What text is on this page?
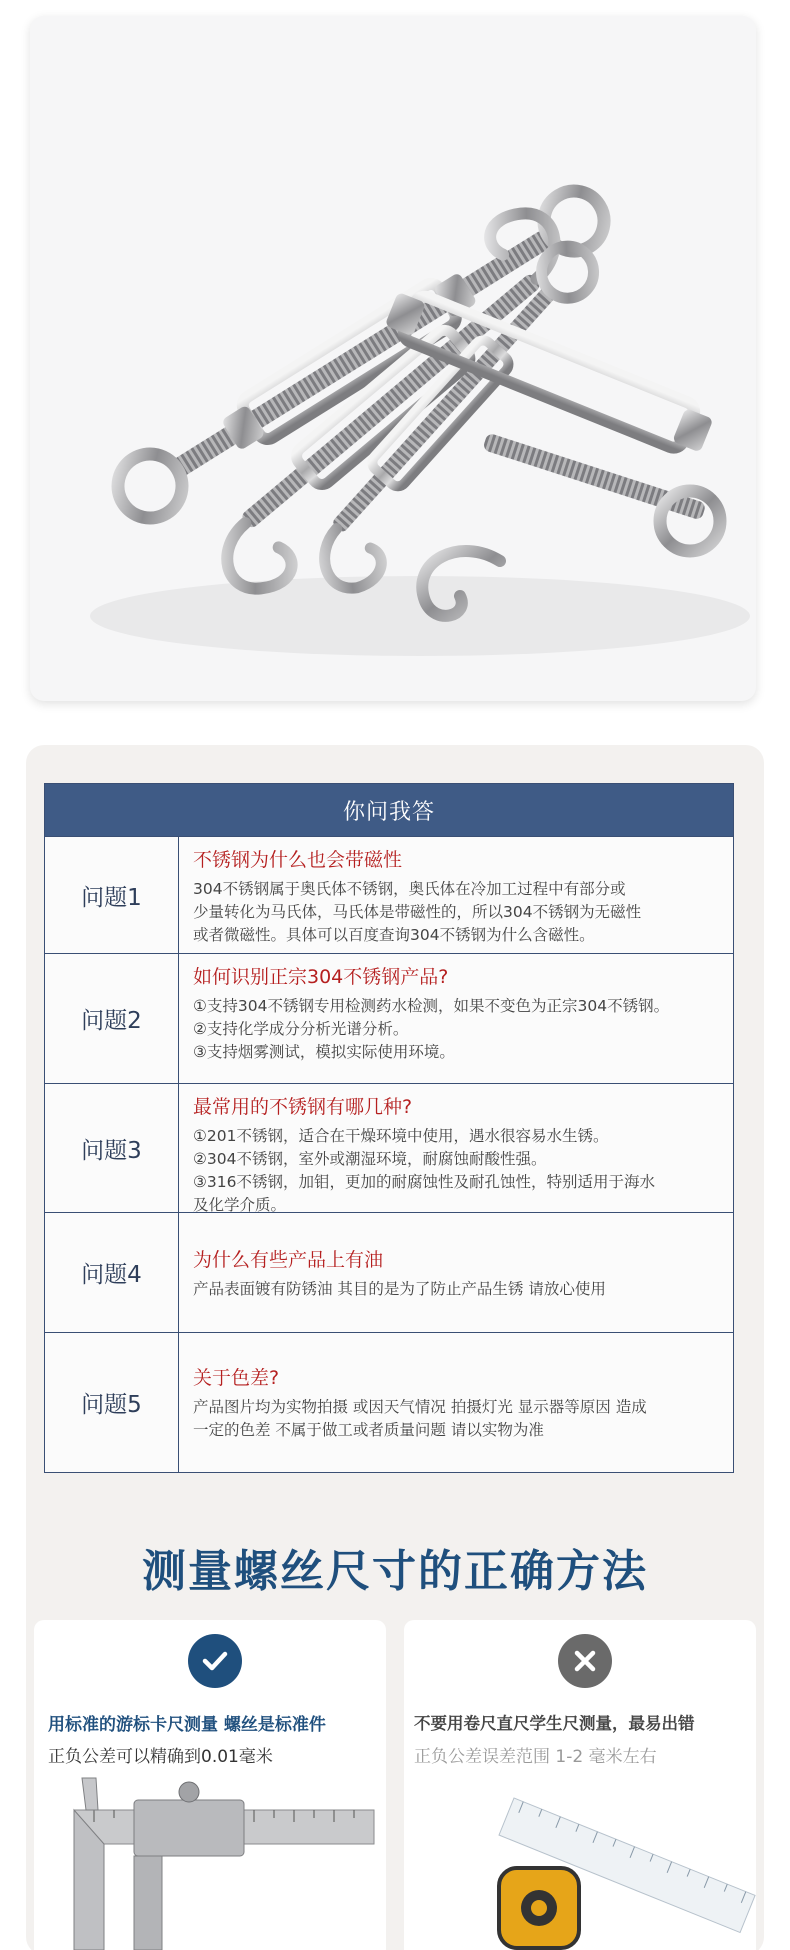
你问我答
问题1
不锈钢为什么也会带磁性
304不锈钢属于奥氏体不锈钢，奥氏体在冷加工过程中有部分或
少量转化为马氏体，马氏体是带磁性的，所以304不锈钢为无磁性
或者微磁性。具体可以百度查询304不锈钢为什么含磁性。
问题2
如何识别正宗304不锈钢产品?
①支持304不锈钢专用检测药水检测，如果不变色为正宗304不锈钢。
②支持化学成分分析光谱分析。
③支持烟雾测试，模拟实际使用环境。
问题3
最常用的不锈钢有哪几种?
①201不锈钢，适合在干燥环境中使用，遇水很容易水生锈。
②304不锈钢，室外或潮湿环境，耐腐蚀耐酸性强。
③316不锈钢，加钼，更加的耐腐蚀性及耐孔蚀性，特别适用于海水
及化学介质。
问题4
为什么有些产品上有油
产品表面镀有防锈油 其目的是为了防止产品生锈 请放心使用
问题5
关于色差?
产品图片均为实物拍摄 或因天气情况 拍摄灯光 显示器等原因 造成
一定的色差 不属于做工或者质量问题 请以实物为准
测量螺丝尺寸的正确方法
用标准的游标卡尺测量 螺丝是标准件
正负公差可以精确到0.01毫米
不要用卷尺直尺学生尺测量，最易出错
正负公差误差范围 1-2 毫米左右
